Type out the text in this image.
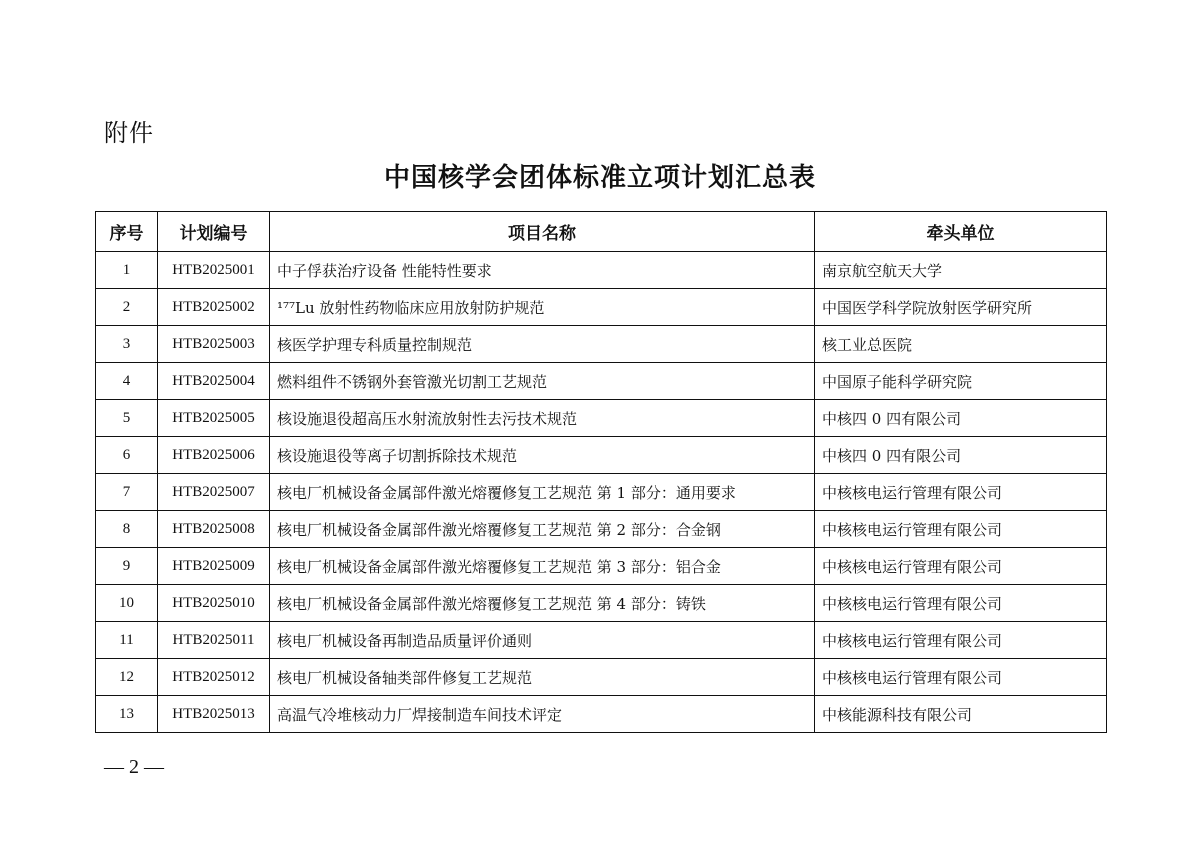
附件
中国核学会团体标准立项计划汇总表
序号	计划编号	项目名称	牵头单位
1	HTB2025001	中子俘获治疗设备 性能特性要求	南京航空航天大学
2	HTB2025002	¹⁷⁷Lu 放射性药物临床应用放射防护规范	中国医学科学院放射医学研究所
3	HTB2025003	核医学护理专科质量控制规范	核工业总医院
4	HTB2025004	燃料组件不锈钢外套管激光切割工艺规范	中国原子能科学研究院
5	HTB2025005	核设施退役超高压水射流放射性去污技术规范	中核四 0 四有限公司
6	HTB2025006	核设施退役等离子切割拆除技术规范	中核四 0 四有限公司
7	HTB2025007	核电厂机械设备金属部件激光熔覆修复工艺规范 第 1 部分：通用要求	中核核电运行管理有限公司
8	HTB2025008	核电厂机械设备金属部件激光熔覆修复工艺规范 第 2 部分：合金钢	中核核电运行管理有限公司
9	HTB2025009	核电厂机械设备金属部件激光熔覆修复工艺规范 第 3 部分：铝合金	中核核电运行管理有限公司
10	HTB2025010	核电厂机械设备金属部件激光熔覆修复工艺规范 第 4 部分：铸铁	中核核电运行管理有限公司
11	HTB2025011	核电厂机械设备再制造品质量评价通则	中核核电运行管理有限公司
12	HTB2025012	核电厂机械设备轴类部件修复工艺规范	中核核电运行管理有限公司
13	HTB2025013	高温气冷堆核动力厂焊接制造车间技术评定	中核能源科技有限公司
— 2 —
